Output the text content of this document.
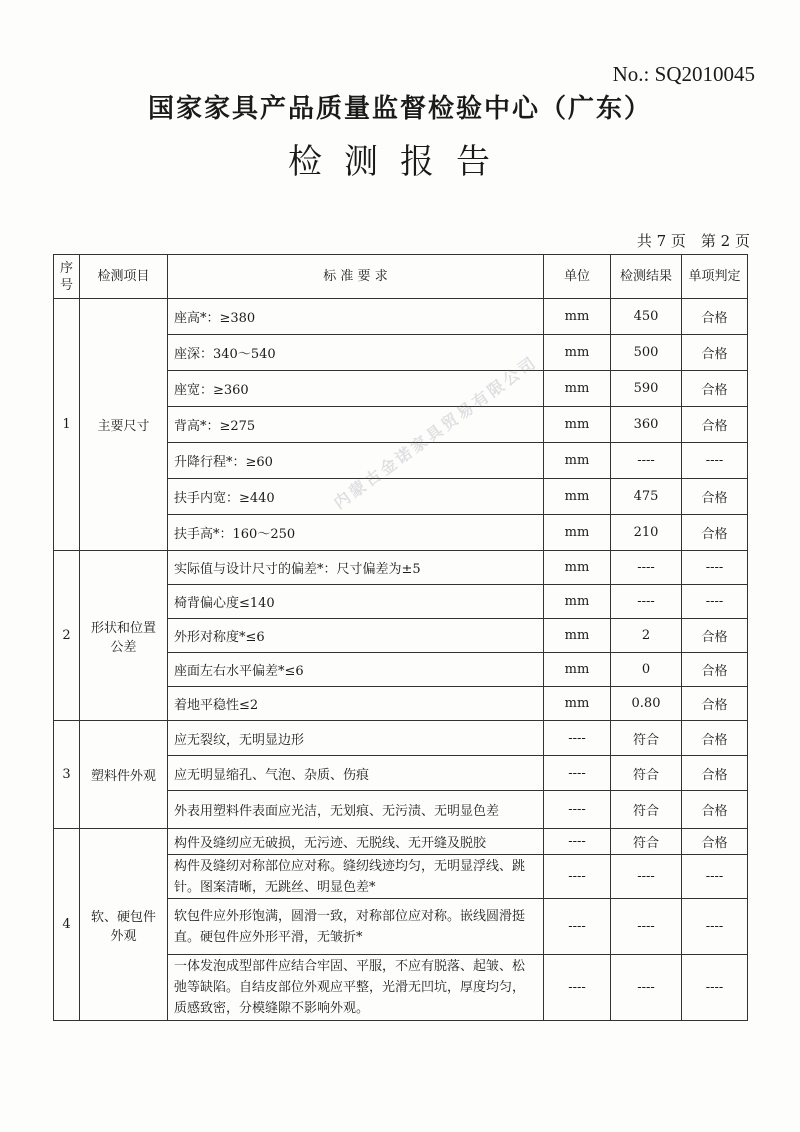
No.: SQ2010045
国家家具产品质量监督检验中心（广东）
检测报告
共 7 页　第 2 页
序号	检测项目	标 准 要 求	单位	检测结果	单项判定
1	主要尺寸	座高*：≥380	mm	450	合格
		座深：340～540	mm	500	合格
		座宽：≥360	mm	590	合格
		背高*：≥275	mm	360	合格
		升降行程*：≥60	mm	----	----
		扶手内宽：≥440	mm	475	合格
		扶手高*：160～250	mm	210	合格
2	形状和位置公差	实际值与设计尺寸的偏差*：尺寸偏差为±5	mm	----	----
		椅背偏心度≤140	mm	----	----
		外形对称度*≤6	mm	2	合格
		座面左右水平偏差*≤6	mm	0	合格
		着地平稳性≤2	mm	0.80	合格
3	塑料件外观	应无裂纹，无明显边形	----	符合	合格
		应无明显缩孔、气泡、杂质、伤痕	----	符合	合格
		外表用塑料件表面应光洁，无划痕、无污渍、无明显色差	----	符合	合格
4	软、硬包件外观	构件及缝纫应无破损，无污迹、无脱线、无开缝及脱胶	----	符合	合格
		构件及缝纫对称部位应对称。缝纫线迹均匀，无明显浮线、跳针。图案清晰，无跳丝、明显色差*	----	----	----
		软包件应外形饱满，圆滑一致，对称部位应对称。嵌线圆滑挺直。硬包件应外形平滑，无皱折*	----	----	----
		一体发泡成型部件应结合牢固、平服，不应有脱落、起皱、松弛等缺陷。自结皮部位外观应平整，光滑无凹坑，厚度均匀，质感致密，分模缝隙不影响外观。	----	----	----
内蒙古金诺家具贸易有限公司
